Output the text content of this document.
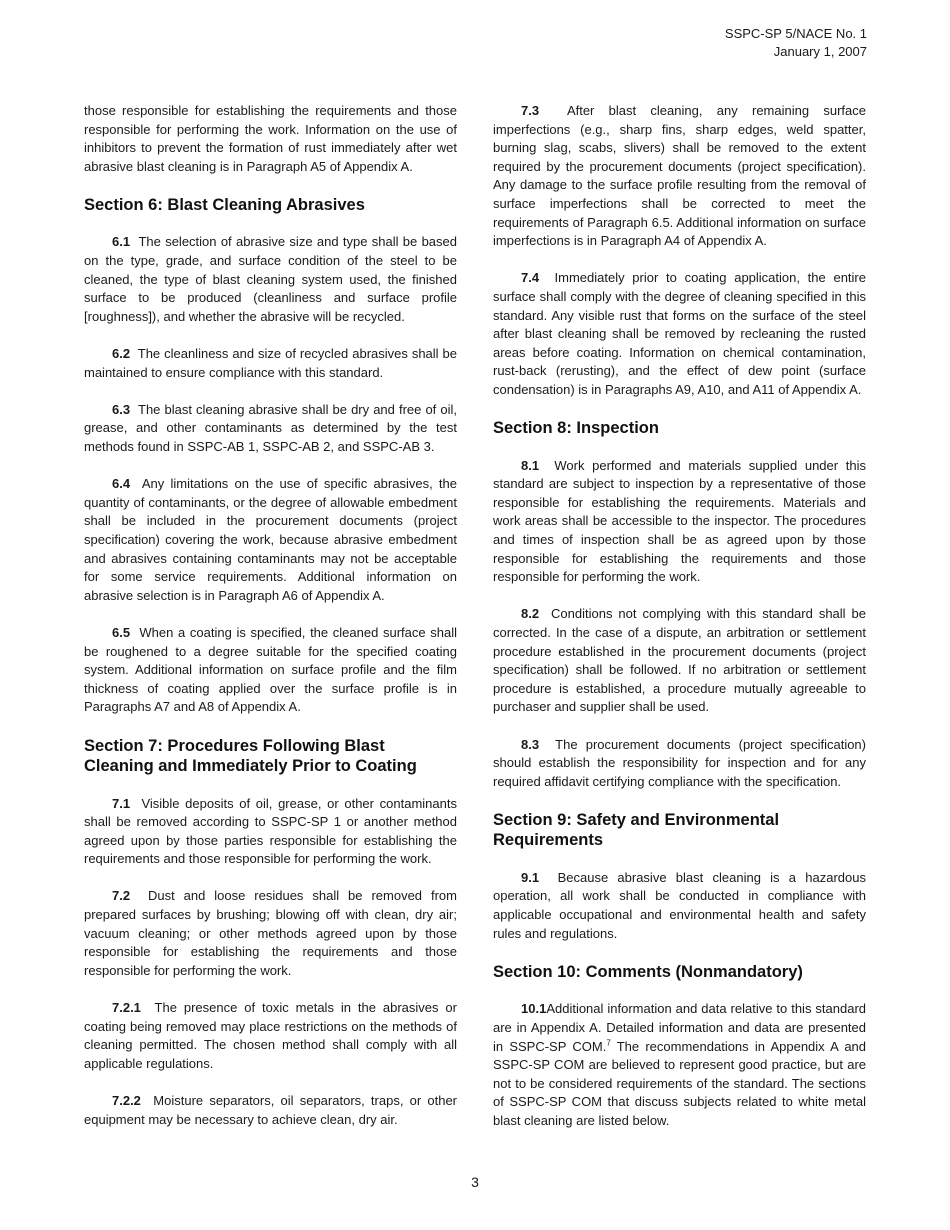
SSPC-SP 5/NACE No. 1
January 1, 2007

those responsible for establishing the requirements and those responsible for performing the work. Information on the use of inhibitors to prevent the formation of rust immediately after wet abrasive blast cleaning is in Paragraph A5 of Appendix A.

Section 6: Blast Cleaning Abrasives

6.1 The selection of abrasive size and type shall be based on the type, grade, and surface condition of the steel to be cleaned, the type of blast cleaning system used, the finished surface to be produced (cleanliness and surface profile [roughness]), and whether the abrasive will be recycled.

6.2 The cleanliness and size of recycled abrasives shall be maintained to ensure compliance with this standard.

6.3 The blast cleaning abrasive shall be dry and free of oil, grease, and other contaminants as determined by the test methods found in SSPC-AB 1, SSPC-AB 2, and SSPC-AB 3.

6.4 Any limitations on the use of specific abrasives, the quantity of contaminants, or the degree of allowable embedment shall be included in the procurement documents (project specification) covering the work, because abrasive embedment and abrasives containing contaminants may not be acceptable for some service requirements. Additional information on abrasive selection is in Paragraph A6 of Appendix A.

6.5 When a coating is specified, the cleaned surface shall be roughened to a degree suitable for the specified coating system. Additional information on surface profile and the film thickness of coating applied over the surface profile is in Paragraphs A7 and A8 of Appendix A.

Section 7: Procedures Following Blast Cleaning and Immediately Prior to Coating

7.1 Visible deposits of oil, grease, or other contaminants shall be removed according to SSPC-SP 1 or another method agreed upon by those parties responsible for establishing the requirements and those responsible for performing the work.

7.2 Dust and loose residues shall be removed from prepared surfaces by brushing; blowing off with clean, dry air; vacuum cleaning; or other methods agreed upon by those responsible for establishing the requirements and those responsible for performing the work.

7.2.1 The presence of toxic metals in the abrasives or coating being removed may place restrictions on the methods of cleaning permitted. The chosen method shall comply with all applicable regulations.

7.2.2 Moisture separators, oil separators, traps, or other equipment may be necessary to achieve clean, dry air.

7.3 After blast cleaning, any remaining surface imperfections (e.g., sharp fins, sharp edges, weld spatter, burning slag, scabs, slivers) shall be removed to the extent required by the procurement documents (project specification). Any damage to the surface profile resulting from the removal of surface imperfections shall be corrected to meet the requirements of Paragraph 6.5. Additional information on surface imperfections is in Paragraph A4 of Appendix A.

7.4 Immediately prior to coating application, the entire surface shall comply with the degree of cleaning specified in this standard. Any visible rust that forms on the surface of the steel after blast cleaning shall be removed by recleaning the rusted areas before coating. Information on chemical contamination, rust-back (rerusting), and the effect of dew point (surface condensation) is in Paragraphs A9, A10, and A11 of Appendix A.

Section 8: Inspection

8.1 Work performed and materials supplied under this standard are subject to inspection by a representative of those responsible for establishing the requirements. Materials and work areas shall be accessible to the inspector. The procedures and times of inspection shall be as agreed upon by those responsible for establishing the requirements and those responsible for performing the work.

8.2 Conditions not complying with this standard shall be corrected. In the case of a dispute, an arbitration or settlement procedure established in the procurement documents (project specification) shall be followed. If no arbitration or settlement procedure is established, a procedure mutually agreeable to purchaser and supplier shall be used.

8.3 The procurement documents (project specification) should establish the responsibility for inspection and for any required affidavit certifying compliance with the specification.

Section 9: Safety and Environmental Requirements

9.1 Because abrasive blast cleaning is a hazardous operation, all work shall be conducted in compliance with applicable occupational and environmental health and safety rules and regulations.

Section 10: Comments (Nonmandatory)

10.1Additional information and data relative to this standard are in Appendix A. Detailed information and data are presented in SSPC-SP COM.$^7$ The recommendations in Appendix A and SSPC-SP COM are believed to represent good practice, but are not to be considered requirements of the standard. The sections of SSPC-SP COM that discuss subjects related to white metal blast cleaning are listed below.

3
